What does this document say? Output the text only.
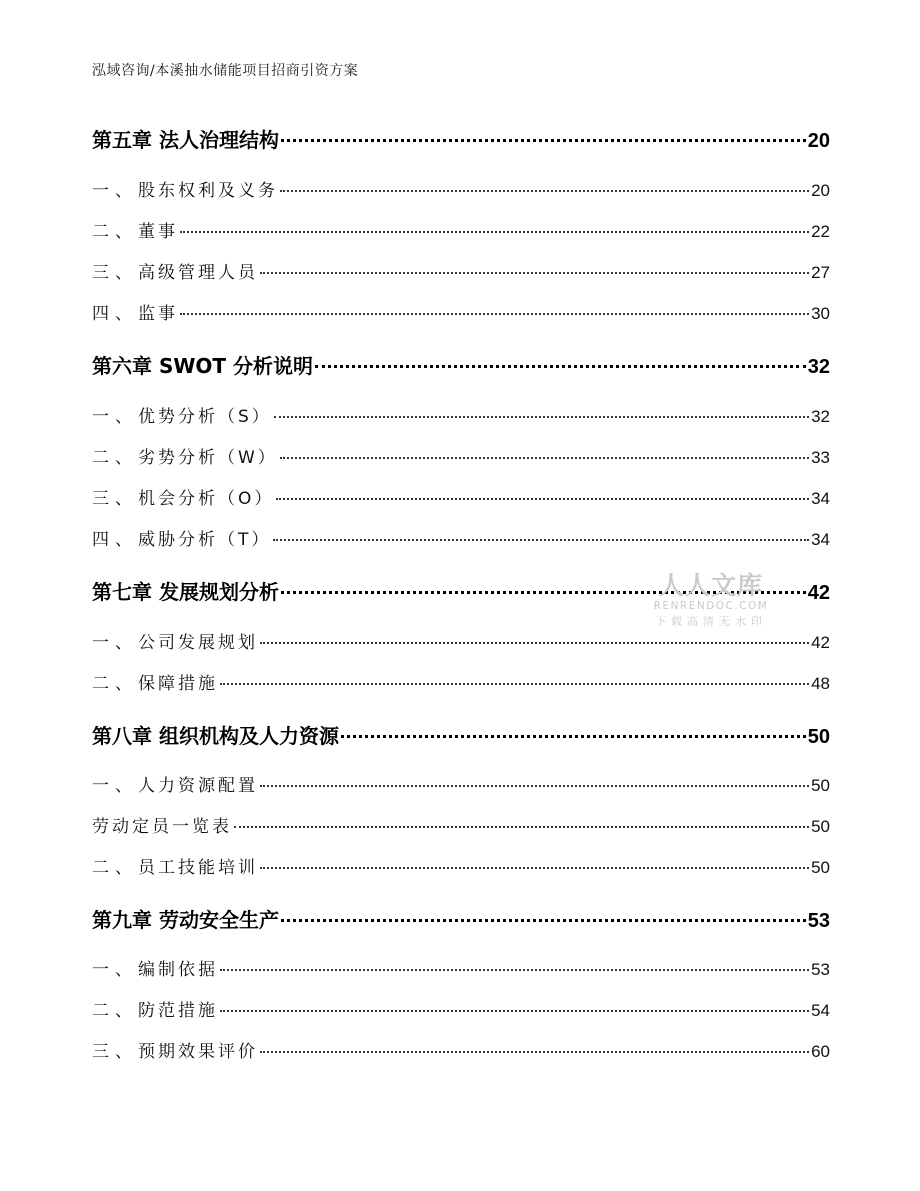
泓域咨询/本溪抽水储能项目招商引资方案
第五章 法人治理结构	20
一、股东权利及义务	20
二、董事	22
三、高级管理人员	27
四、监事	30
第六章 SWOT 分析说明	32
一、优势分析（S）	32
二、劣势分析（W）	33
三、机会分析（O）	34
四、威胁分析（T）	34
第七章 发展规划分析	42
一、公司发展规划	42
二、保障措施	48
第八章 组织机构及人力资源	50
一、人力资源配置	50
劳动定员一览表	50
二、员工技能培训	50
第九章 劳动安全生产	53
一、编制依据	53
二、防范措施	54
三、预期效果评价	60
人人文库
RENRENDOC.COM
下载高清无水印
